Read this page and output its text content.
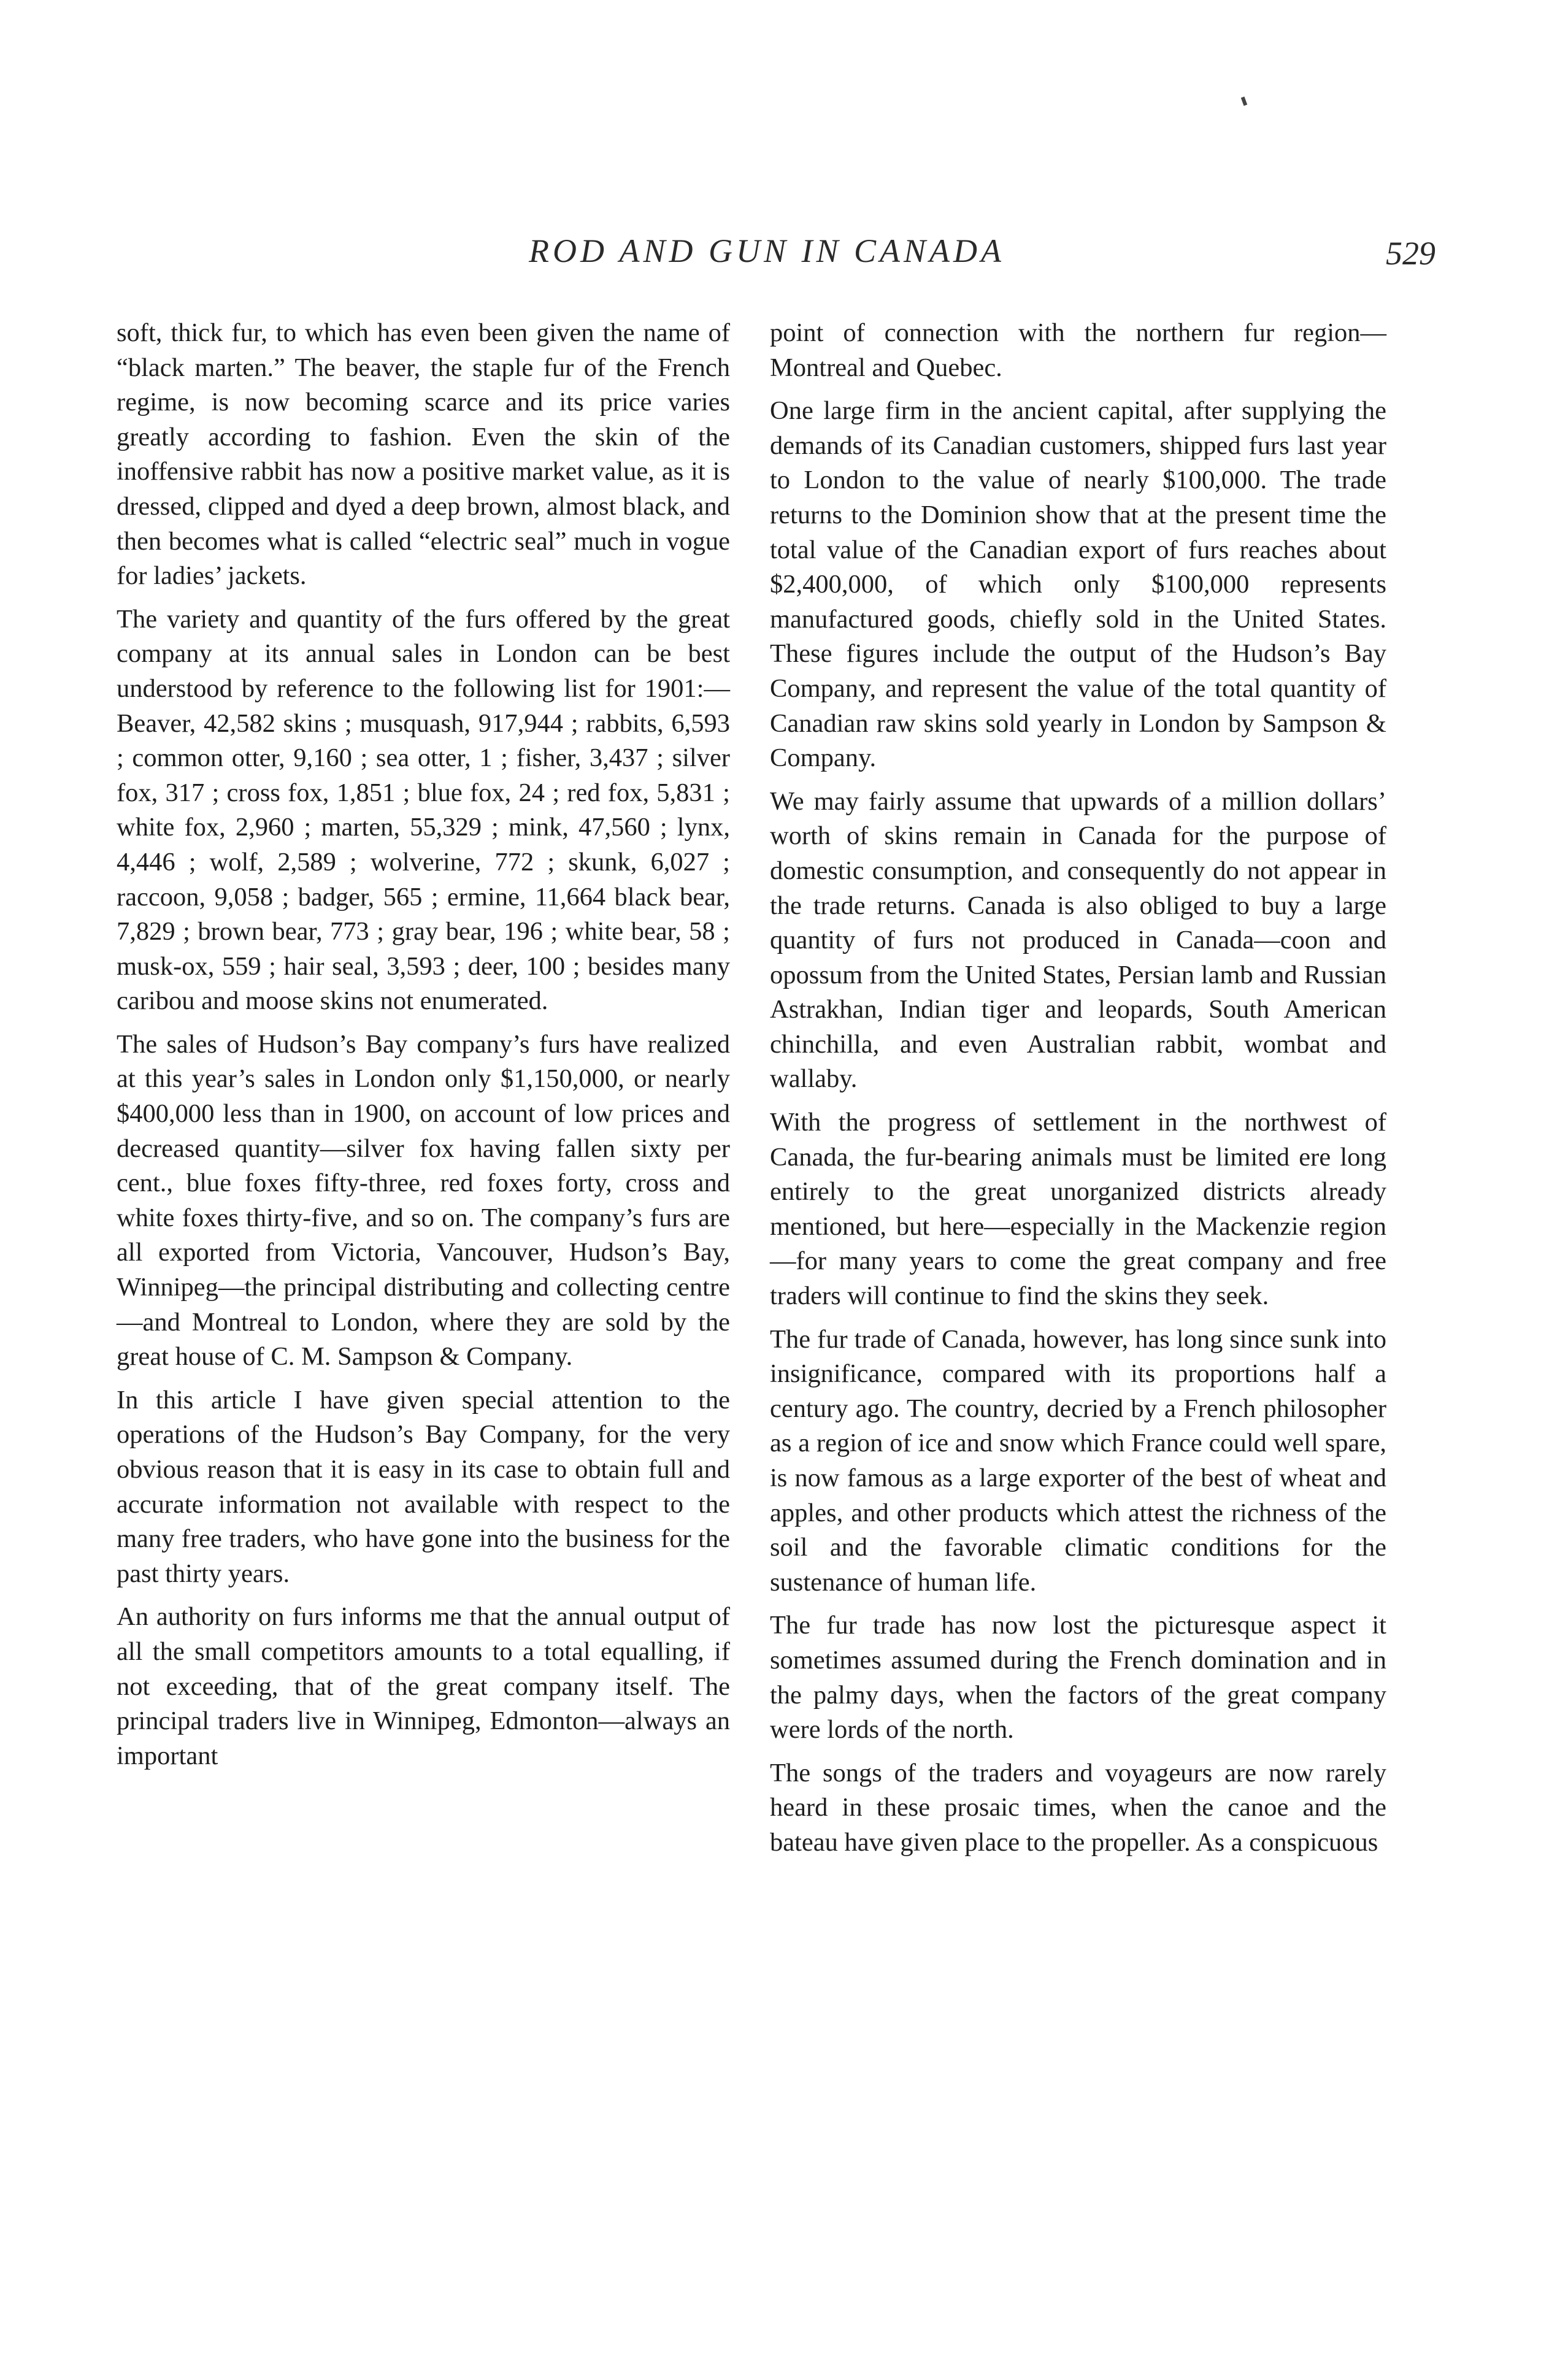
ROD AND GUN IN CANADA	529

soft, thick fur, to which has even been given the name of “black marten.” The beaver, the staple fur of the French regime, is now becoming scarce and its price varies greatly according to fashion. Even the skin of the inoffensive rabbit has now a positive market value, as it is dressed, clipped and dyed a deep brown, almost black, and then becomes what is called “electric seal” much in vogue for ladies’ jackets.

The variety and quantity of the furs offered by the great company at its annual sales in London can be best understood by reference to the following list for 1901:— Beaver, 42,582 skins ; musquash, 917,944 ; rabbits, 6,593 ; common otter, 9,160 ; sea otter, 1 ; fisher, 3,437 ; silver fox, 317 ; cross fox, 1,851 ; blue fox, 24 ; red fox, 5,831 ; white fox, 2,960 ; marten, 55,329 ; mink, 47,560 ; lynx, 4,446 ; wolf, 2,589 ; wolverine, 772 ; skunk, 6,027 ; raccoon, 9,058 ; badger, 565 ; ermine, 11,664 black bear, 7,829 ; brown bear, 773 ; gray bear, 196 ; white bear, 58 ; musk-ox, 559 ; hair seal, 3,593 ; deer, 100 ; besides many caribou and moose skins not enumerated.

The sales of Hudson’s Bay company’s furs have realized at this year’s sales in London only $1,150,000, or nearly $400,000 less than in 1900, on account of low prices and decreased quantity—silver fox having fallen sixty per cent., blue foxes fifty-three, red foxes forty, cross and white foxes thirty-five, and so on. The company’s furs are all exported from Victoria, Vancouver, Hudson’s Bay, Winnipeg—the principal distributing and collecting centre —and Montreal to London, where they are sold by the great house of C. M. Sampson & Company.

In this article I have given special attention to the operations of the Hudson’s Bay Company, for the very obvious reason that it is easy in its case to obtain full and accurate information not available with respect to the many free traders, who have gone into the business for the past thirty years.

An authority on furs informs me that the annual output of all the small competitors amounts to a total equalling, if not exceeding, that of the great company itself. The principal traders live in Winnipeg, Edmonton—always an important

point of connection with the northern fur region—Montreal and Quebec.

One large firm in the ancient capital, after supplying the demands of its Canadian customers, shipped furs last year to London to the value of nearly $100,000. The trade returns to the Dominion show that at the present time the total value of the Canadian export of furs reaches about $2,400,000, of which only $100,000 represents manufactured goods, chiefly sold in the United States. These figures include the output of the Hudson’s Bay Company, and represent the value of the total quantity of Canadian raw skins sold yearly in London by Sampson & Company.

We may fairly assume that upwards of a million dollars’ worth of skins remain in Canada for the purpose of domestic consumption, and consequently do not appear in the trade returns. Canada is also obliged to buy a large quantity of furs not produced in Canada—coon and opossum from the United States, Persian lamb and Russian Astrakhan, Indian tiger and leopards, South American chinchilla, and even Australian rabbit, wombat and wallaby.

With the progress of settlement in the northwest of Canada, the fur-bearing animals must be limited ere long entirely to the great unorganized districts already mentioned, but here—especially in the Mackenzie region—for many years to come the great company and free traders will continue to find the skins they seek.

The fur trade of Canada, however, has long since sunk into insignificance, compared with its proportions half a century ago. The country, decried by a French philosopher as a region of ice and snow which France could well spare, is now famous as a large exporter of the best of wheat and apples, and other products which attest the richness of the soil and the favorable climatic conditions for the sustenance of human life.

The fur trade has now lost the picturesque aspect it sometimes assumed during the French domination and in the palmy days, when the factors of the great company were lords of the north.

The songs of the traders and voyageurs are now rarely heard in these prosaic times, when the canoe and the bateau have given place to the propeller. As a conspicuous
